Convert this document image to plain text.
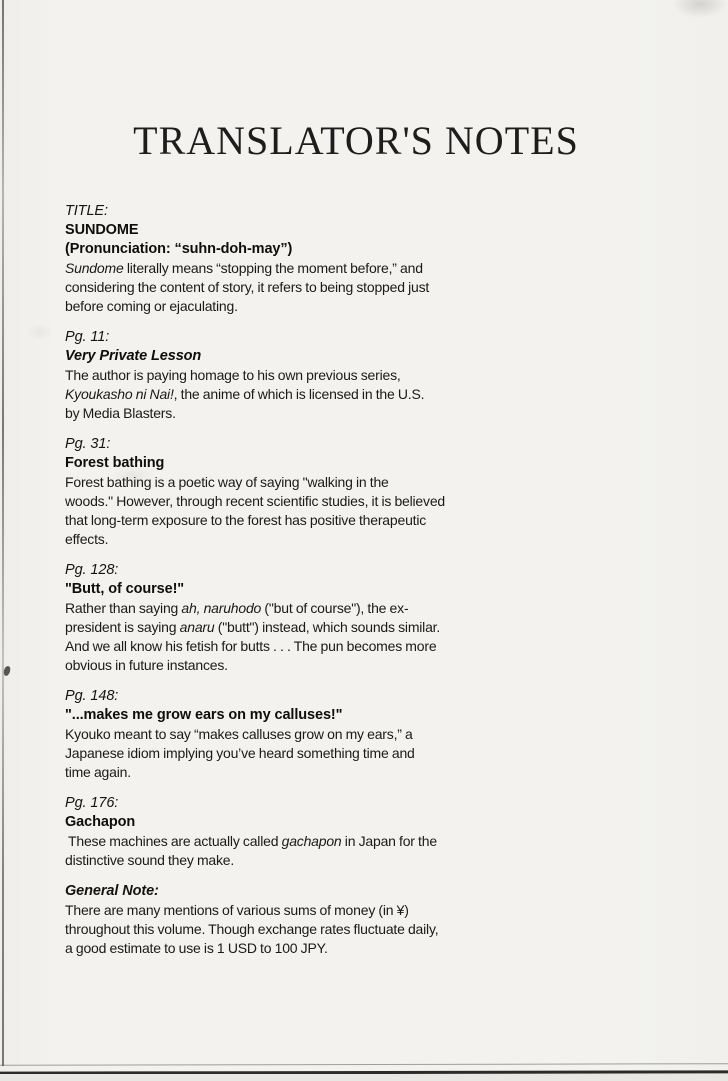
TRANSLATOR'S NOTES
TITLE:
SUNDOME
(Pronunciation: “suhn-doh-may”)
Sundome literally means “stopping the moment before,” and
considering the content of story, it refers to being stopped just
before coming or ejaculating.
Pg. 11:
Very Private Lesson
The author is paying homage to his own previous series,
Kyoukasho ni Nai!, the anime of which is licensed in the U.S.
by Media Blasters.
Pg. 31:
Forest bathing
Forest bathing is a poetic way of saying "walking in the
woods." However, through recent scientific studies, it is believed
that long-term exposure to the forest has positive therapeutic
effects.
Pg. 128:
"Butt, of course!"
Rather than saying ah, naruhodo ("but of course"), the ex-
president is saying anaru ("butt") instead, which sounds similar.
And we all know his fetish for butts . . . The pun becomes more
obvious in future instances.
Pg. 148:
"...makes me grow ears on my calluses!"
Kyouko meant to say “makes calluses grow on my ears,” a
Japanese idiom implying you’ve heard something time and
time again.
Pg. 176:
Gachapon
These machines are actually called gachapon in Japan for the
distinctive sound they make.
General Note:
There are many mentions of various sums of money (in ¥)
throughout this volume. Though exchange rates fluctuate daily,
a good estimate to use is 1 USD to 100 JPY.
